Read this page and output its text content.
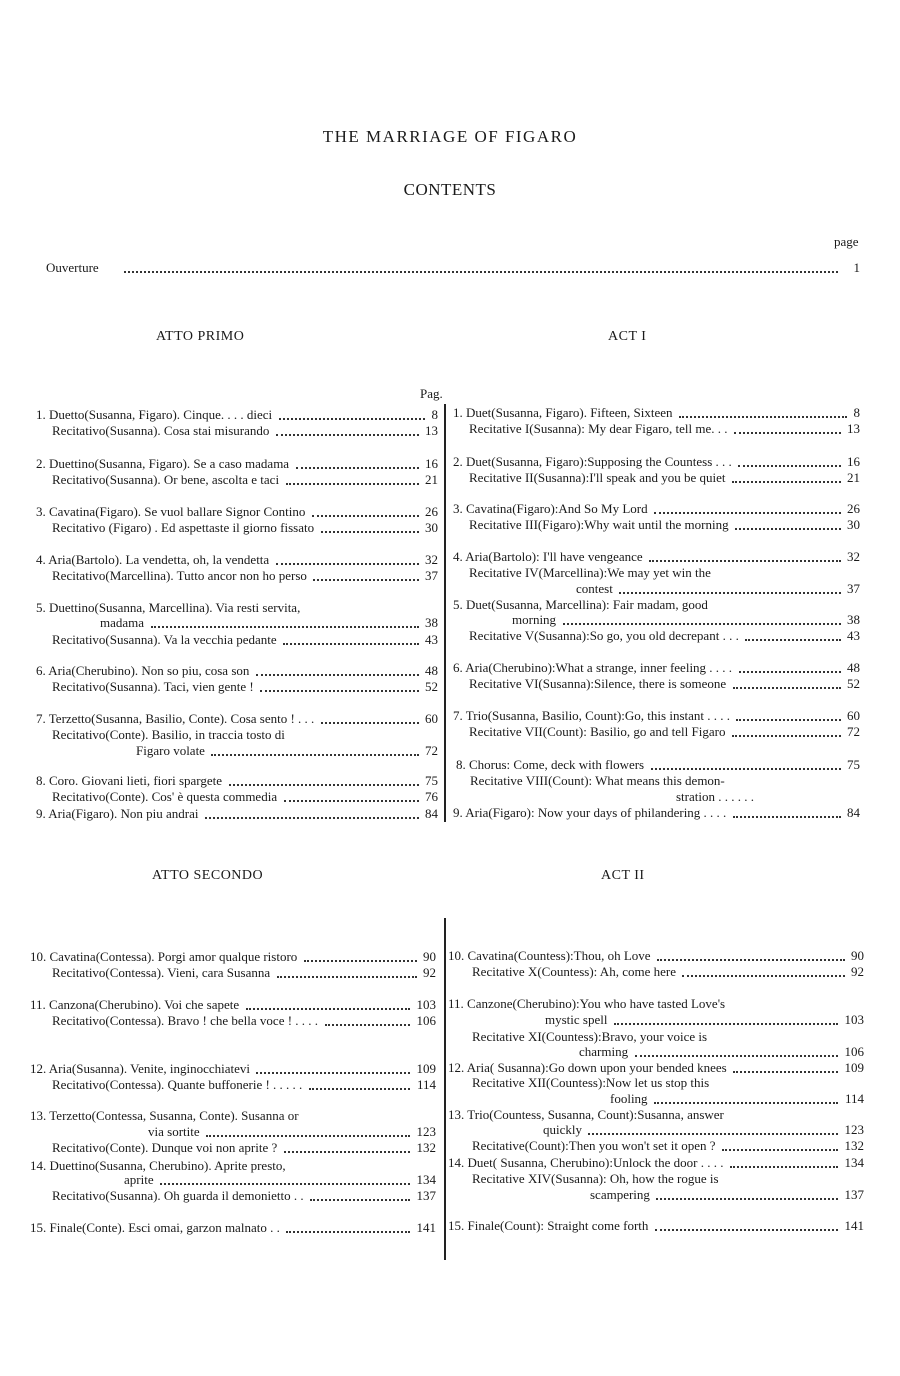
THE MARRIAGE OF FIGARO
CONTENTS
page
Ouverture	1
ATTO PRIMO	ACT I
Pag.
1. Duetto(Susanna, Figaro). Cinque. . . . dieci	8
Recitativo(Susanna). Cosa stai misurando	13
2. Duettino(Susanna, Figaro). Se a caso madama	16
Recitativo(Susanna). Or bene, ascolta e taci	21
3. Cavatina(Figaro). Se vuol ballare Signor Contino	26
Recitativo (Figaro) . Ed aspettaste il giorno fissato	30
4. Aria(Bartolo). La vendetta, oh, la vendetta	32
Recitativo(Marcellina). Tutto ancor non ho perso	37
5. Duettino(Susanna, Marcellina). Via resti servita,
madama	38
Recitativo(Susanna). Va la vecchia pedante	43
6. Aria(Cherubino). Non so piu, cosa son	48
Recitativo(Susanna). Taci, vien gente !	52
7. Terzetto(Susanna, Basilio, Conte). Cosa sento ! . . .	60
Recitativo(Conte). Basilio, in traccia tosto di
Figaro volate	72
8. Coro. Giovani lieti, fiori spargete	75
Recitativo(Conte). Cos' è questa commedia	76
9. Aria(Figaro). Non piu andrai	84
1. Duet(Susanna, Figaro). Fifteen, Sixteen	8
Recitative I(Susanna): My dear Figaro, tell me. . .	13
2. Duet(Susanna, Figaro):Supposing the Countess . . .	16
Recitative II(Susanna):I'll speak and you be quiet	21
3. Cavatina(Figaro):And So My Lord	26
Recitative III(Figaro):Why wait until the morning	30
4. Aria(Bartolo): I'll have vengeance	32
Recitative IV(Marcellina):We may yet win the
contest	37
5. Duet(Susanna, Marcellina): Fair madam, good
morning	38
Recitative V(Susanna):So go, you old decrepant . . .	43
6. Aria(Cherubino):What a strange, inner feeling . . . .	48
Recitative VI(Susanna):Silence, there is someone	52
7. Trio(Susanna, Basilio, Count):Go, this instant . . . .	60
Recitative VII(Count): Basilio, go and tell Figaro	72
8. Chorus: Come, deck with flowers	75
Recitative VIII(Count): What means this demon-
stration . . . . . .
9. Aria(Figaro): Now your days of philandering . . . .	84
ATTO SECONDO	ACT II
10. Cavatina(Contessa). Porgi amor qualque ristoro	90
Recitativo(Contessa). Vieni, cara Susanna	92
11. Canzona(Cherubino). Voi che sapete	103
Recitativo(Contessa). Bravo ! che bella voce ! . . . .	106
12. Aria(Susanna). Venite, inginocchiatevi	109
Recitativo(Contessa). Quante buffonerie ! . . . . .	114
13. Terzetto(Contessa, Susanna, Conte). Susanna or
via sortite	123
Recitativo(Conte). Dunque voi non aprite ?	132
14. Duettino(Susanna, Cherubino). Aprite presto,
aprite	134
Recitativo(Susanna). Oh guarda il demonietto . .	137
15. Finale(Conte). Esci omai, garzon malnato . .	141
10. Cavatina(Countess):Thou, oh Love	90
Recitative X(Countess): Ah, come here	92
11. Canzone(Cherubino):You who have tasted Love's
mystic spell	103
Recitative XI(Countess):Bravo, your voice is
charming	106
12. Aria( Susanna):Go down upon your bended knees	109
Recitative XII(Countess):Now let us stop this
fooling	114
13. Trio(Countess, Susanna, Count):Susanna, answer
quickly	123
Recitative(Count):Then you won't set it open ?	132
14. Duet( Susanna, Cherubino):Unlock the door . . . .	134
Recitative XIV(Susanna): Oh, how the rogue is
scampering	137
15. Finale(Count): Straight come forth	141
